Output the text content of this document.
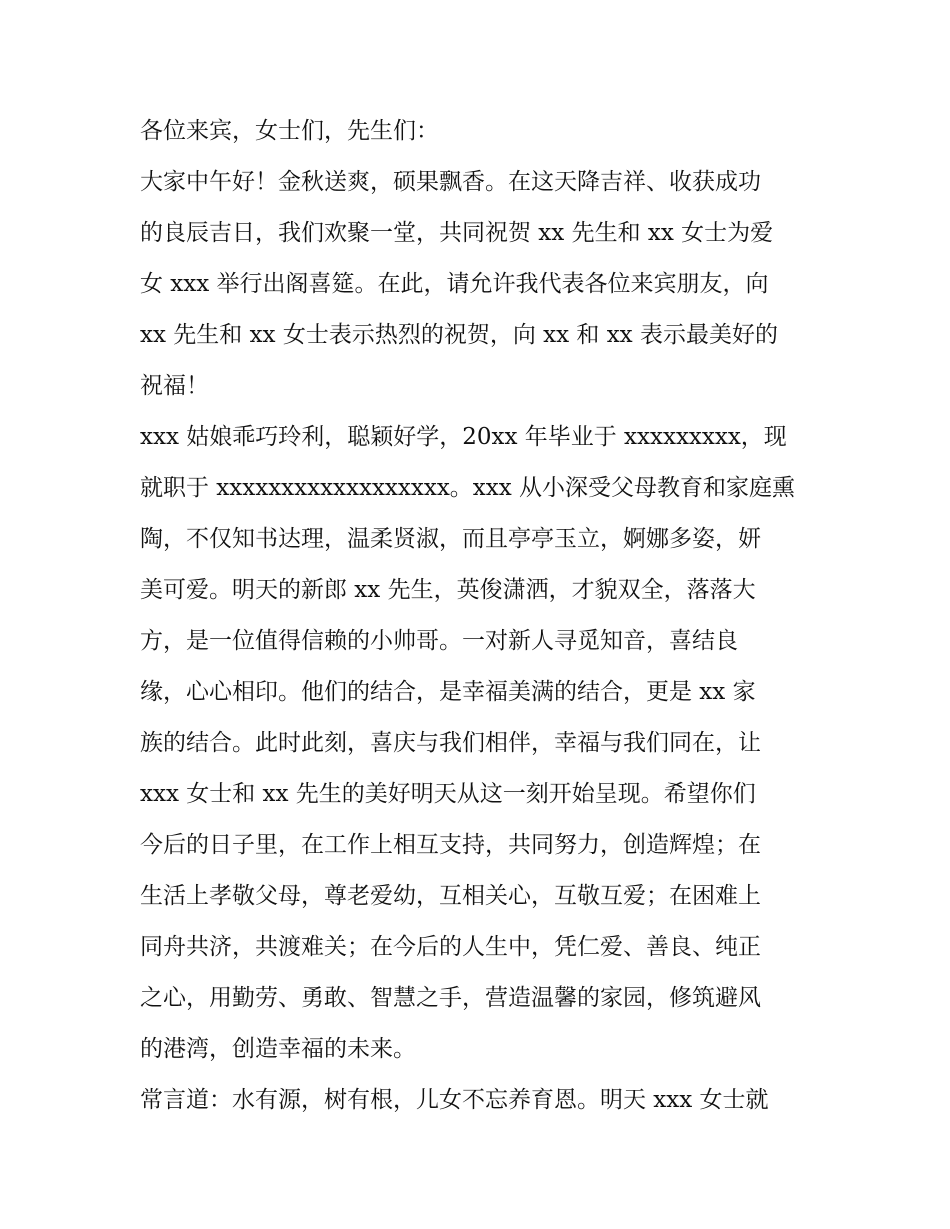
各位来宾，女士们，先生们：
大家中午好！金秋送爽，硕果飘香。在这天降吉祥、收获成功
的良辰吉日，我们欢聚一堂，共同祝贺 xx 先生和 xx 女士为爱
女 xxx 举行出阁喜筵。在此，请允许我代表各位来宾朋友，向
xx 先生和 xx 女士表示热烈的祝贺，向 xx 和 xx 表示最美好的
祝福！
xxx 姑娘乖巧玲利，聪颖好学，20xx 年毕业于 xxxxxxxxx，现
就职于 xxxxxxxxxxxxxxxxxx。xxx 从小深受父母教育和家庭熏
陶，不仅知书达理，温柔贤淑，而且亭亭玉立，婀娜多姿，妍
美可爱。明天的新郎 xx 先生，英俊潇洒，才貌双全，落落大
方，是一位值得信赖的小帅哥。一对新人寻觅知音，喜结良
缘，心心相印。他们的结合，是幸福美满的结合，更是 xx 家
族的结合。此时此刻，喜庆与我们相伴，幸福与我们同在，让
xxx 女士和 xx 先生的美好明天从这一刻开始呈现。希望你们
今后的日子里，在工作上相互支持，共同努力，创造辉煌；在
生活上孝敬父母，尊老爱幼，互相关心，互敬互爱；在困难上
同舟共济，共渡难关；在今后的人生中，凭仁爱、善良、纯正
之心，用勤劳、勇敢、智慧之手，营造温馨的家园，修筑避风
的港湾，创造幸福的未来。
常言道：水有源，树有根，儿女不忘养育恩。明天 xxx 女士就
